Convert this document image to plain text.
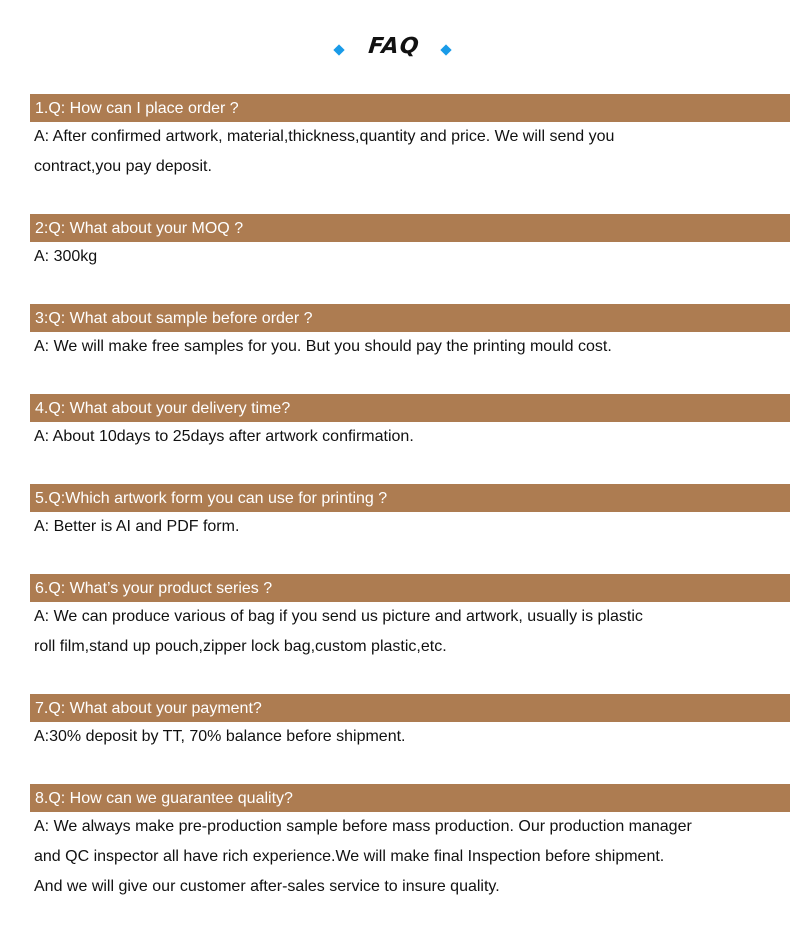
FAQ
1.Q: How can I place order ?

A: After confirmed artwork, material,thickness,quantity and price. We will send you

contract,you pay deposit.

2:Q: What about your MOQ ?

A: 300kg

3:Q: What about sample before order ?

A: We will make free samples for you. But you should pay the printing mould cost.

4.Q: What about your delivery time?

A: About 10days to 25days after artwork confirmation.

5.Q:Which artwork form you can use for printing ?

A: Better is AI and PDF form.

6.Q: What’s your product series ?

A: We can produce various of bag if you send us picture and artwork, usually is plastic

roll film,stand up pouch,zipper lock bag,custom plastic,etc.

7.Q: What about your payment?

A:30% deposit by TT, 70% balance before shipment.

8.Q: How can we guarantee quality?

A: We always make pre-production sample before mass production. Our production manager

and QC inspector all have rich experience.We will make final Inspection before shipment.

And we will give our customer after-sales service to insure quality.
